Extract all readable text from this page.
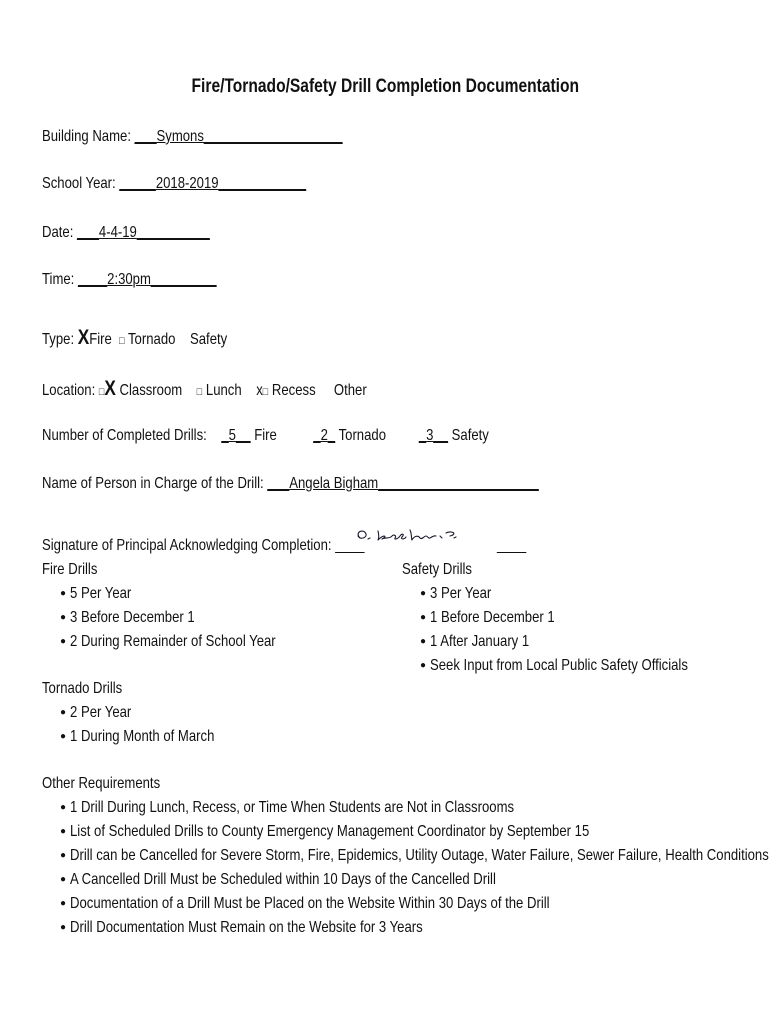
Fire/Tornado/Safety Drill Completion Documentation
Building Name: ___Symons___________________
School Year: _____2018-2019____________
Date: ___4-4-19__________
Time: ____2:30pm_________
Type: XFire □ Tornado Safety
Location: □X Classroom □ Lunch x□ Recess Other
Number of Completed Drills: _5__ Fire _2_ Tornado _3__ Safety
Name of Person in Charge of the Drill: ___Angela Bigham______________________
Signature of Principal Acknowledging Completion: ____	____
Fire Drills
● 5 Per Year
● 3 Before December 1
● 2 During Remainder of School Year
Safety Drills
● 3 Per Year
● 1 Before December 1
● 1 After January 1
● Seek Input from Local Public Safety Officials
Tornado Drills
● 2 Per Year
● 1 During Month of March
Other Requirements
● 1 Drill During Lunch, Recess, or Time When Students are Not in Classrooms
● List of Scheduled Drills to County Emergency Management Coordinator by September 15
● Drill can be Cancelled for Severe Storm, Fire, Epidemics, Utility Outage, Water Failure, Sewer Failure, Health Conditions
● A Cancelled Drill Must be Scheduled within 10 Days of the Cancelled Drill
● Documentation of a Drill Must be Placed on the Website Within 30 Days of the Drill
● Drill Documentation Must Remain on the Website for 3 Years
